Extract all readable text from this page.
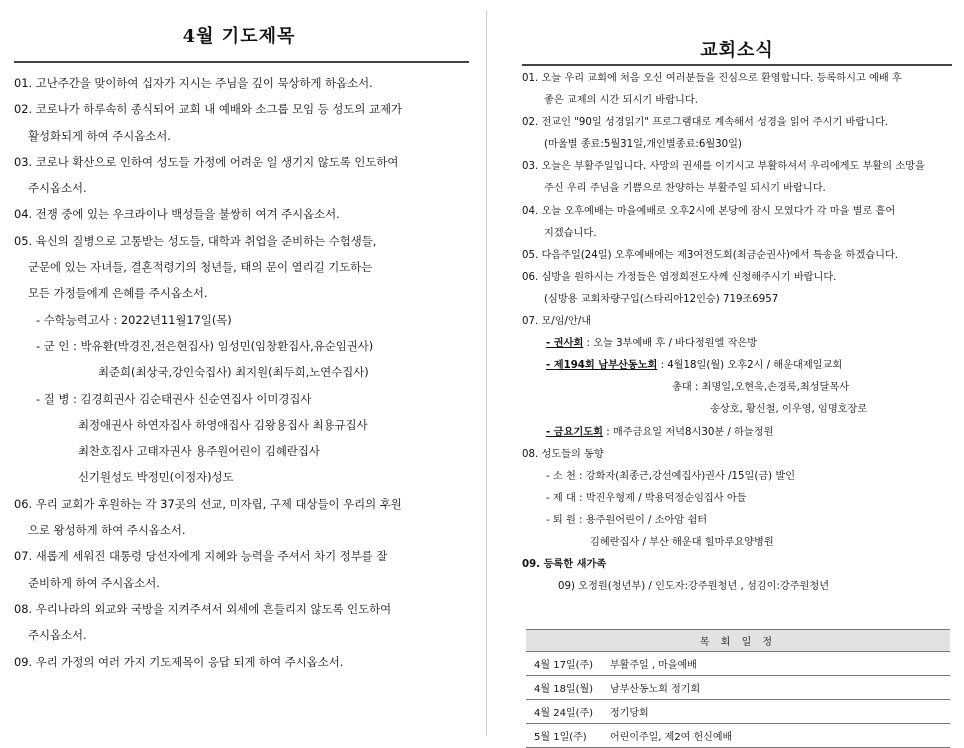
4월 기도제목
01. 고난주간을 맞이하여 십자가 지시는 주님을 깊이 묵상하게 하옵소서.
02. 코로나가 하루속히 종식되어 교회 내 예배와 소그룹 모임 등 성도의 교제가
활성화되게 하여 주시옵소서.
03. 코로나 확산으로 인하여 성도들 가정에 어려운 일 생기지 않도록 인도하여
주시옵소서.
04. 전쟁 중에 있는 우크라이나 백성들을 불쌍히 여겨 주시옵소서.
05. 육신의 질병으로 고통받는 성도들, 대학과 취업을 준비하는 수험생들,
군문에 있는 자녀들, 결혼적령기의 청년들, 태의 문이 열리길 기도하는
모든 가정들에게 은혜를 주시옵소서.
- 수학능력고사 : 2022년11월17일(목)
- 군 인 : 박유환(박경진,전은현집사) 임성민(임창환집사,유순임권사)
최준희(최상국,강인숙집사) 최지원(최두희,노연수집사)
- 질 병 : 김경희권사 김순태권사 신순연집사 이미경집사
최정애권사 하연자집사 하영애집사 김왕용집사 최용규집사
최찬호집사 고태자권사 용주원어린이 김혜란집사
신기원성도 박정민(이정자)성도
06. 우리 교회가 후원하는 각 37곳의 선교, 미자립, 구제 대상들이 우리의 후원
으로 왕성하게 하여 주시옵소서.
07. 새롭게 세워진 대통령 당선자에게 지혜와 능력을 주셔서 차기 정부를 잘
준비하게 하여 주시옵소서.
08. 우리나라의 외교와 국방을 지켜주셔서 외세에 흔들리지 않도록 인도하여
주시옵소서.
09. 우리 가정의 여러 가지 기도제목이 응답 되게 하여 주시옵소서.
교회소식
01. 오늘 우리 교회에 처음 오신 여러분들을 진심으로 환영합니다. 등록하시고 예배 후
좋은 교제의 시간 되시기 바랍니다.
02. 전교인 "90일 성경읽기" 프로그램대로 계속해서 성경을 읽어 주시기 바랍니다.
(마울별 종료:5월31일,개인별종료:6월30일)
03. 오늘은 부활주일입니다. 사망의 권세를 이기시고 부활하셔서 우리에게도 부활의 소망을
주신 우리 주님을 기쁨으로 찬양하는 부활주일 되시기 바랍니다.
04. 오늘 오후예배는 마을예배로 오후2시에 본당에 잠시 모였다가 각 마을 별로 흩어
지겠습니다.
05. 다음주일(24일) 오후예배에는 제3여전도회(최금순권사)에서 특송을 하겠습니다.
06. 심방을 원하시는 가정들은 엽정희전도사께 신청해주시기 바랍니다.
(심방용 교회차량구입(스타리아12인승) 719조6957
07. 모/임/안/내
- 권사회 : 오늘 3부예배 후 / 바다정원엘 작은방
- 제194회 남부산동노회 : 4월18일(월) 오후2시 / 해운대제일교회
총대 : 최명일,오현욱,손경룩,최성달목사
송상호, 황신철, 이우영, 임명호장로
- 금요기도회 : 매주금요일 저녁8시30분 / 하늘정원
08. 성도들의 동향
- 소 천 : 강화자(최종근,강선예집사)권사 /15일(금) 발인
- 제 대 : 박진우형제 / 박용덕정순임집사 아들
- 퇴 원 : 용주원어린이 / 소아암 쉼터
김혜란집사 / 부산 해운대 힐마루요양병원
09. 등록한 새가족
09) 오정원(청년부) / 인도자:강주원청년 , 섬김이:강주원청년
목 회 일 정	
4월 17일(주)	부활주일 , 마을예배
4월 18일(월)	남부산동노회 정기회
4월 24일(주)	정기당회
5월 1일(주)	어린이주일, 제2여 헌신예배
